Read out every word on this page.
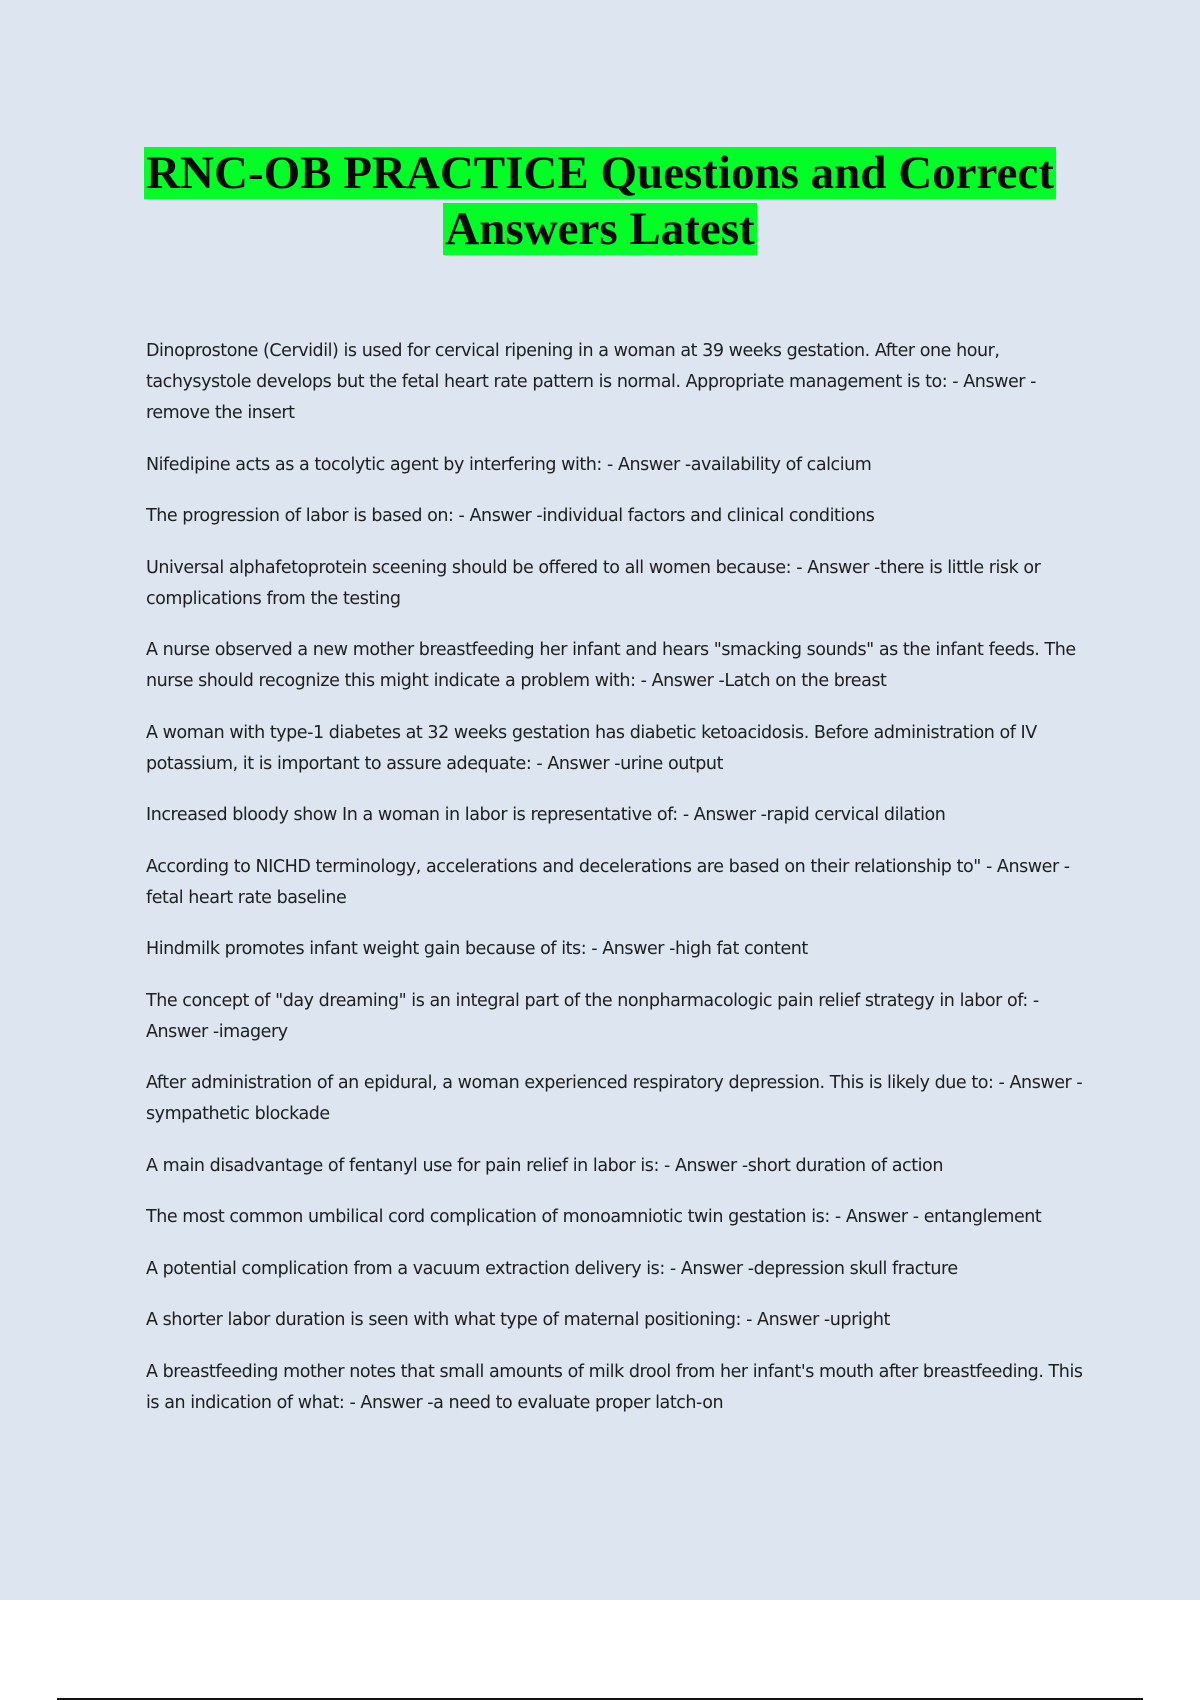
RNC-OB PRACTICE Questions and Correct
Answers Latest
Dinoprostone (Cervidil) is used for cervical ripening in a woman at 39 weeks gestation. After one hour, tachysystole develops but the fetal heart rate pattern is normal. Appropriate management is to: - Answer -remove the insert
Nifedipine acts as a tocolytic agent by interfering with: - Answer -availability of calcium
The progression of labor is based on: - Answer -individual factors and clinical conditions
Universal alphafetoprotein sceening should be offered to all women because: - Answer -there is little risk or complications from the testing
A nurse observed a new mother breastfeeding her infant and hears "smacking sounds" as the infant feeds. The nurse should recognize this might indicate a problem with: - Answer -Latch on the breast
A woman with type-1 diabetes at 32 weeks gestation has diabetic ketoacidosis. Before administration of IV potassium, it is important to assure adequate: - Answer -urine output
Increased bloody show In a woman in labor is representative of: - Answer -rapid cervical dilation
According to NICHD terminology, accelerations and decelerations are based on their relationship to" - Answer -fetal heart rate baseline
Hindmilk promotes infant weight gain because of its: - Answer -high fat content
The concept of "day dreaming" is an integral part of the nonpharmacologic pain relief strategy in labor of: - Answer -imagery
After administration of an epidural, a woman experienced respiratory depression. This is likely due to: - Answer -sympathetic blockade
A main disadvantage of fentanyl use for pain relief in labor is: - Answer -short duration of action
The most common umbilical cord complication of monoamniotic twin gestation is: - Answer - entanglement
A potential complication from a vacuum extraction delivery is: - Answer -depression skull fracture
A shorter labor duration is seen with what type of maternal positioning: - Answer -upright
A breastfeeding mother notes that small amounts of milk drool from her infant's mouth after breastfeeding. This is an indication of what: - Answer -a need to evaluate proper latch-on
